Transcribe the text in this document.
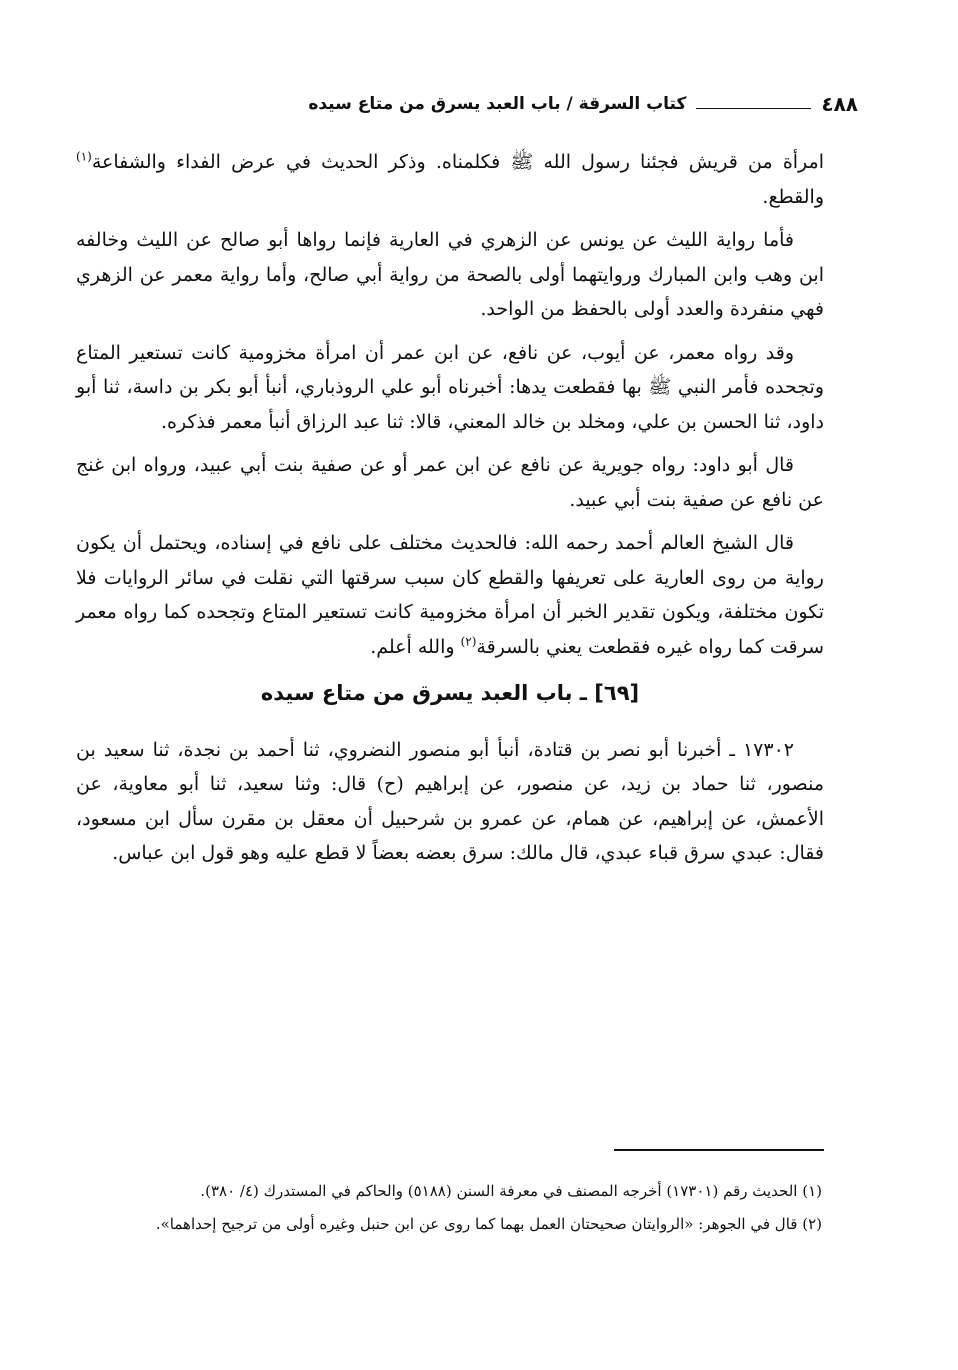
٤٨٨
كتاب السرقة / باب العبد يسرق من متاع سيده

امرأة من قريش فجئنا رسول الله ﷺ فكلمناه. وذكر الحديث في عرض الفداء والشفاعة$^{(١)}$ والقطع.

فأما رواية الليث عن يونس عن الزهري في العارية فإنما رواها أبو صالح عن الليث وخالفه ابن وهب وابن المبارك وروايتهما أولى بالصحة من رواية أبي صالح، وأما رواية معمر عن الزهري فهي منفردة والعدد أولى بالحفظ من الواحد.

وقد رواه معمر، عن أيوب، عن نافع، عن ابن عمر أن امرأة مخزومية كانت تستعير المتاع وتجحده فأمر النبي ﷺ بها فقطعت يدها: أخبرناه أبو علي الروذباري، أنبأ أبو بكر بن داسة، ثنا أبو داود، ثنا الحسن بن علي، ومخلد بن خالد المعني، قالا: ثنا عبد الرزاق أنبأ معمر فذكره.

قال أبو داود: رواه جويرية عن نافع عن ابن عمر أو عن صفية بنت أبي عبيد، ورواه ابن غنج عن نافع عن صفية بنت أبي عبيد.

قال الشيخ العالم أحمد رحمه الله: فالحديث مختلف على نافع في إسناده، ويحتمل أن يكون رواية من روى العارية على تعريفها والقطع كان سبب سرقتها التي نقلت في سائر الروايات فلا تكون مختلفة، ويكون تقدير الخبر أن امرأة مخزومية كانت تستعير المتاع وتجحده كما رواه معمر سرقت كما رواه غيره فقطعت يعني بالسرقة$^{(٢)}$ والله أعلم.

[٦٩] ـ باب العبد يسرق من متاع سيده

١٧٣٠٢ ـ أخبرنا أبو نصر بن قتادة، أنبأ أبو منصور النضروي، ثنا أحمد بن نجدة، ثنا سعيد بن منصور، ثنا حماد بن زيد، عن منصور، عن إبراهيم (ح) قال: وثنا سعيد، ثنا أبو معاوية، عن الأعمش، عن إبراهيم، عن همام، عن عمرو بن شرحبيل أن معقل بن مقرن سأل ابن مسعود، فقال: عبدي سرق قباء عبدي، قال مالك: سرق بعضه بعضاً لا قطع عليه وهو قول ابن عباس.

(١) الحديث رقم (١٧٣٠١) أخرجه المصنف في معرفة السنن (٥١٨٨) والحاكم في المستدرك (٤/ ٣٨٠).

(٢) قال في الجوهر: «الروايتان صحيحتان العمل بهما كما روى عن ابن حنبل وغيره أولى من ترجيح إحداهما».
